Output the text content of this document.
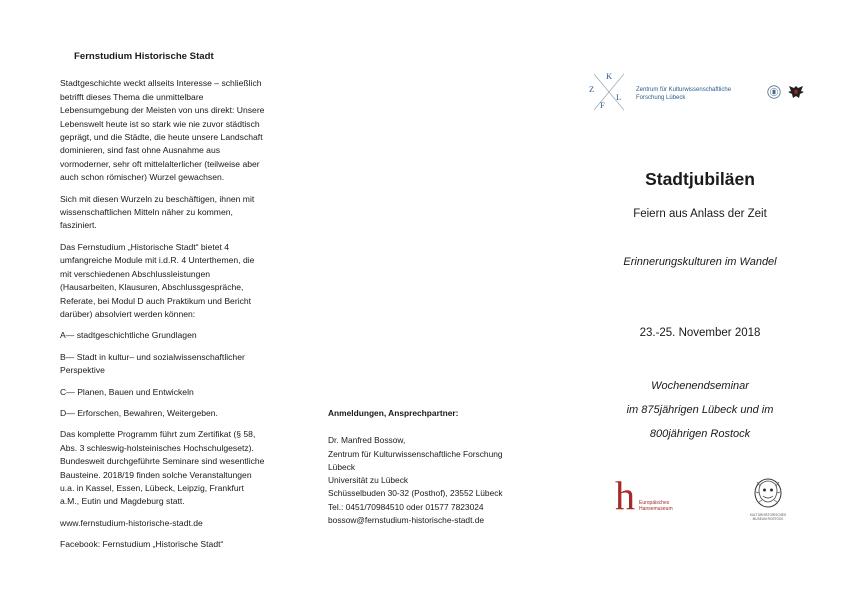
Fernstudium Historische Stadt

Stadtgeschichte weckt allseits Interesse – schließlich betrifft dieses Thema die unmittelbare Lebensumgebung der Meisten von uns direkt: Unsere Lebenswelt heute ist so stark wie nie zuvor städtisch geprägt, und die Städte, die heute unsere Landschaft dominieren, sind fast ohne Ausnahme aus vormoderner, sehr oft mittelalterlicher (teilweise aber auch schon römischer) Wurzel gewachsen.

Sich mit diesen Wurzeln zu beschäftigen, ihnen mit wissenschaftlichen Mitteln näher zu kommen, fasziniert.

Das Fernstudium „Historische Stadt“ bietet 4 umfangreiche Module mit i.d.R. 4 Unterthemen, die mit verschiedenen Abschlussleistungen (Hausarbeiten, Klausuren, Abschlussgespräche, Referate, bei Modul D auch Praktikum und Bericht darüber) absolviert werden können:

A— stadtgeschichtliche Grundlagen

B— Stadt in kultur– und sozialwissenschaftlicher Perspektive

C— Planen, Bauen und Entwickeln

D— Erforschen, Bewahren, Weitergeben.

Das komplette Programm führt zum Zertifikat (§ 58, Abs. 3 schleswig-holsteinisches Hochschulgesetz). Bundesweit durchgeführte Seminare sind wesentliche Bausteine. 2018/19 finden solche Veranstaltungen u.a. in Kassel, Essen, Lübeck, Leipzig, Frankfurt a.M., Eutin und Magdeburg statt.

www.fernstudium-historische-stadt.de

Facebook: Fernstudium „Historische Stadt“

Anmeldungen, Ansprechpartner:
Dr. Manfred Bossow,
Zentrum für Kulturwissenschaftliche Forschung
Lübeck
Universität zu Lübeck
Schüsselbuden 30-32 (Posthof), 23552 Lübeck
Tel.: 0451/70984510 oder 01577 7823024
bossow@fernstudium-historische-stadt.de
K
Z
L
F
Zentrum für Kulturwissenschaftliche
Forschung Lübeck
Stadtjubiläen
Feiern aus Anlass der Zeit
Erinnerungskulturen im Wandel
23.-25. November 2018
Wochenendseminar
im 875jährigen Lübeck und im
800jährigen Rostock
h Europäisches
Hansemuseum
KULTURHISTORISCHES
MUSEUM ROSTOCK
